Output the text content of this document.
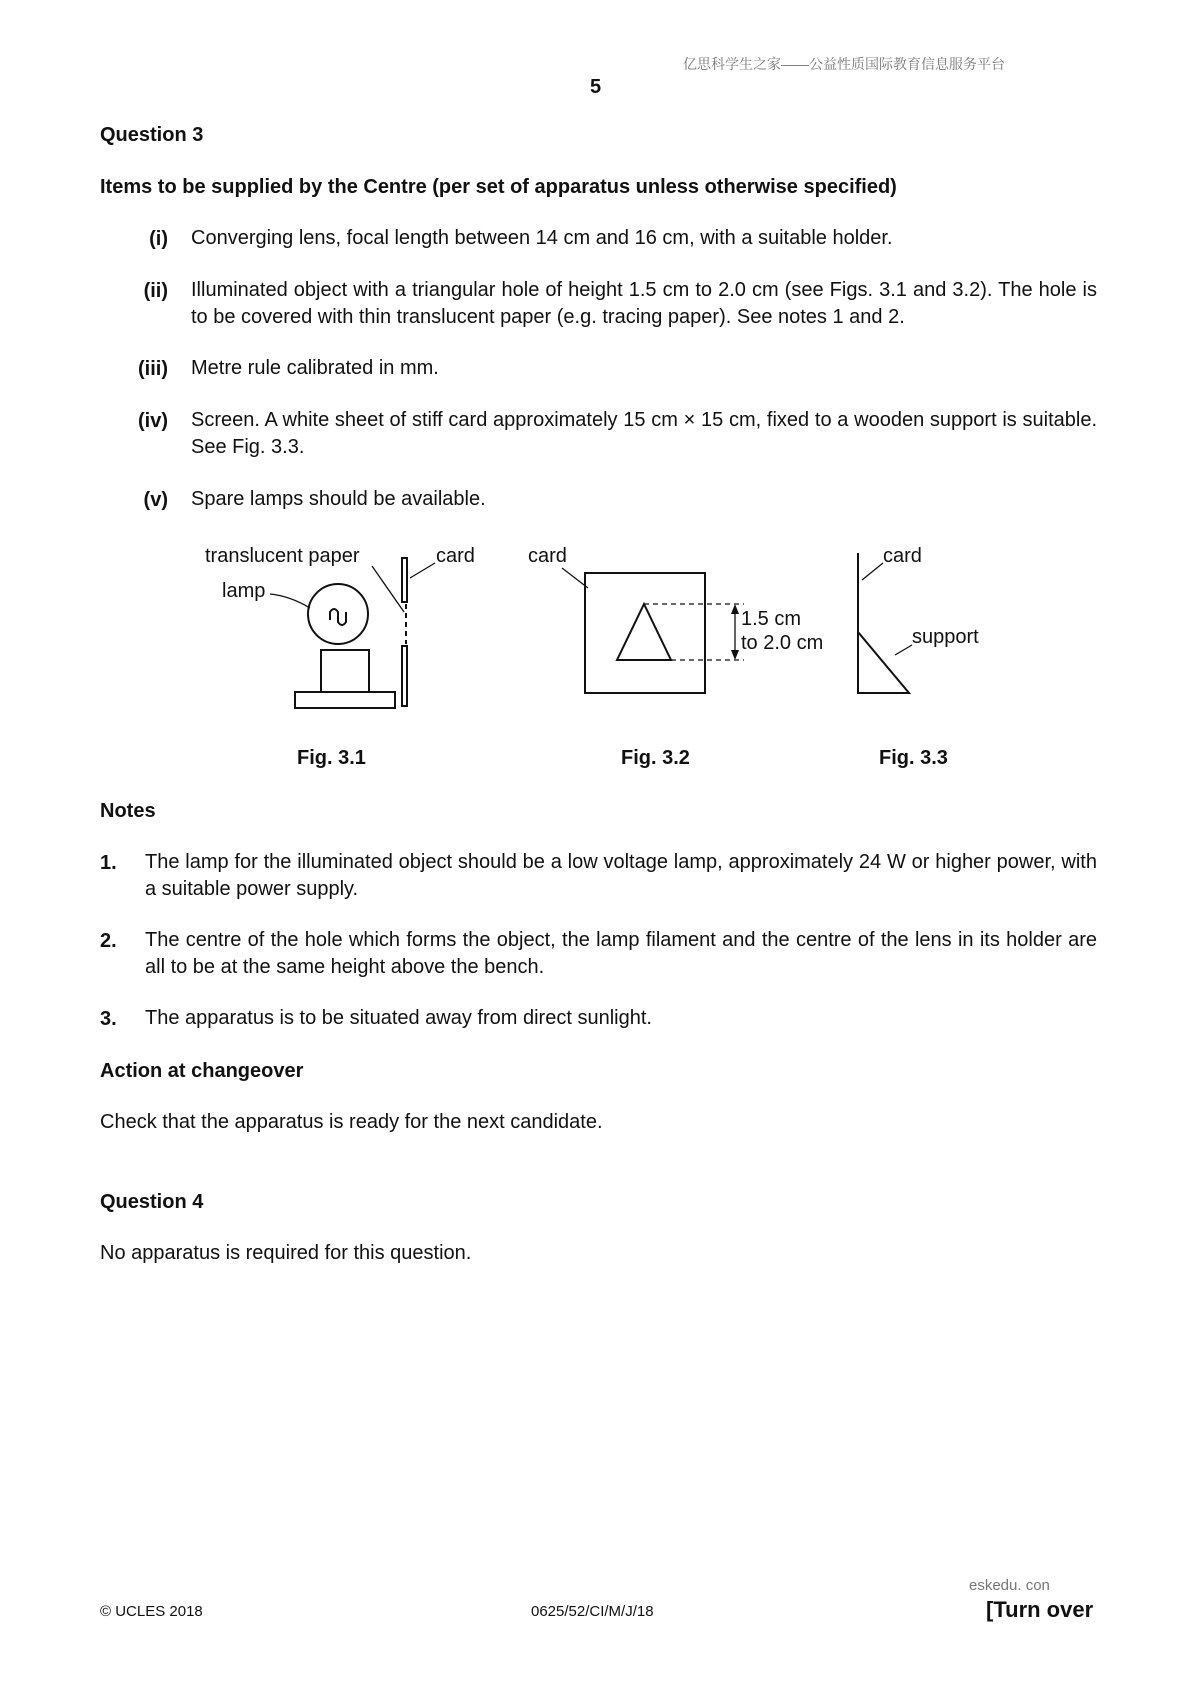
亿思科学生之家——公益性质国际教育信息服务平台
5
Question 3
Items to be supplied by the Centre (per set of apparatus unless otherwise specified)
(i) Converging lens, focal length between 14 cm and 16 cm, with a suitable holder.
(ii) Illuminated object with a triangular hole of height 1.5 cm to 2.0 cm (see Figs. 3.1 and 3.2). The hole is to be covered with thin translucent paper (e.g. tracing paper). See notes 1 and 2.
(iii) Metre rule calibrated in mm.
(iv) Screen. A white sheet of stiff card approximately 15 cm × 15 cm, fixed to a wooden support is suitable. See Fig. 3.3.
(v) Spare lamps should be available.
translucent paper	card
lamp
card
1.5 cm
to 2.0 cm
card
support
Fig. 3.1	Fig. 3.2	Fig. 3.3
Notes
1. The lamp for the illuminated object should be a low voltage lamp, approximately 24 W or higher power, with a suitable power supply.
2. The centre of the hole which forms the object, the lamp filament and the centre of the lens in its holder are all to be at the same height above the bench.
3. The apparatus is to be situated away from direct sunlight.
Action at changeover
Check that the apparatus is ready for the next candidate.
Question 4
No apparatus is required for this question.
eskedu. con
© UCLES 2018	0625/52/CI/M/J/18	[Turn over
